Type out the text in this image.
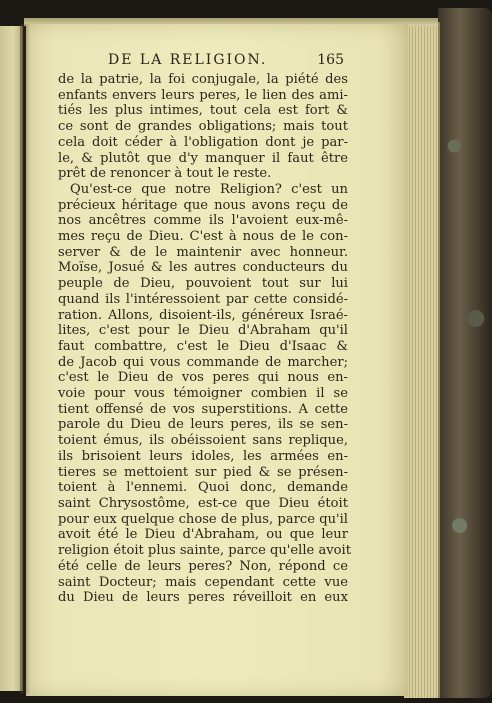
DE LA RELIGION.	165
de la patrie, la foi conjugale, la piété des
enfants envers leurs peres, le lien des ami-
tiés les plus intimes, tout cela est fort &
ce sont de grandes obligations; mais tout
cela doit céder à l'obligation dont je par-
le, & plutôt que d'y manquer il faut être
prêt de renoncer à tout le reste.
Qu'est-ce que notre Religion? c'est un
précieux héritage que nous avons reçu de
nos ancêtres comme ils l'avoient eux-mê-
mes reçu de Dieu. C'est à nous de le con-
server & de le maintenir avec honneur.
Moïse, Josué & les autres conducteurs du
peuple de Dieu, pouvoient tout sur lui
quand ils l'intéressoient par cette considé-
ration. Allons, disoient-ils, généreux Israé-
lites, c'est pour le Dieu d'Abraham qu'il
faut combattre, c'est le Dieu d'Isaac &
de Jacob qui vous commande de marcher;
c'est le Dieu de vos peres qui nous en-
voie pour vous témoigner combien il se
tient offensé de vos superstitions. A cette
parole du Dieu de leurs peres, ils se sen-
toient émus, ils obéissoient sans replique,
ils brisoient leurs idoles, les armées en-
tieres se mettoient sur pied & se présen-
toient à l'ennemi. Quoi donc, demande
saint Chrysostôme, est-ce que Dieu étoit
pour eux quelque chose de plus, parce qu'il
avoit été le Dieu d'Abraham, ou que leur
religion étoit plus sainte, parce qu'elle avoit
été celle de leurs peres? Non, répond ce
saint Docteur; mais cependant cette vue
du Dieu de leurs peres réveilloit en eux
